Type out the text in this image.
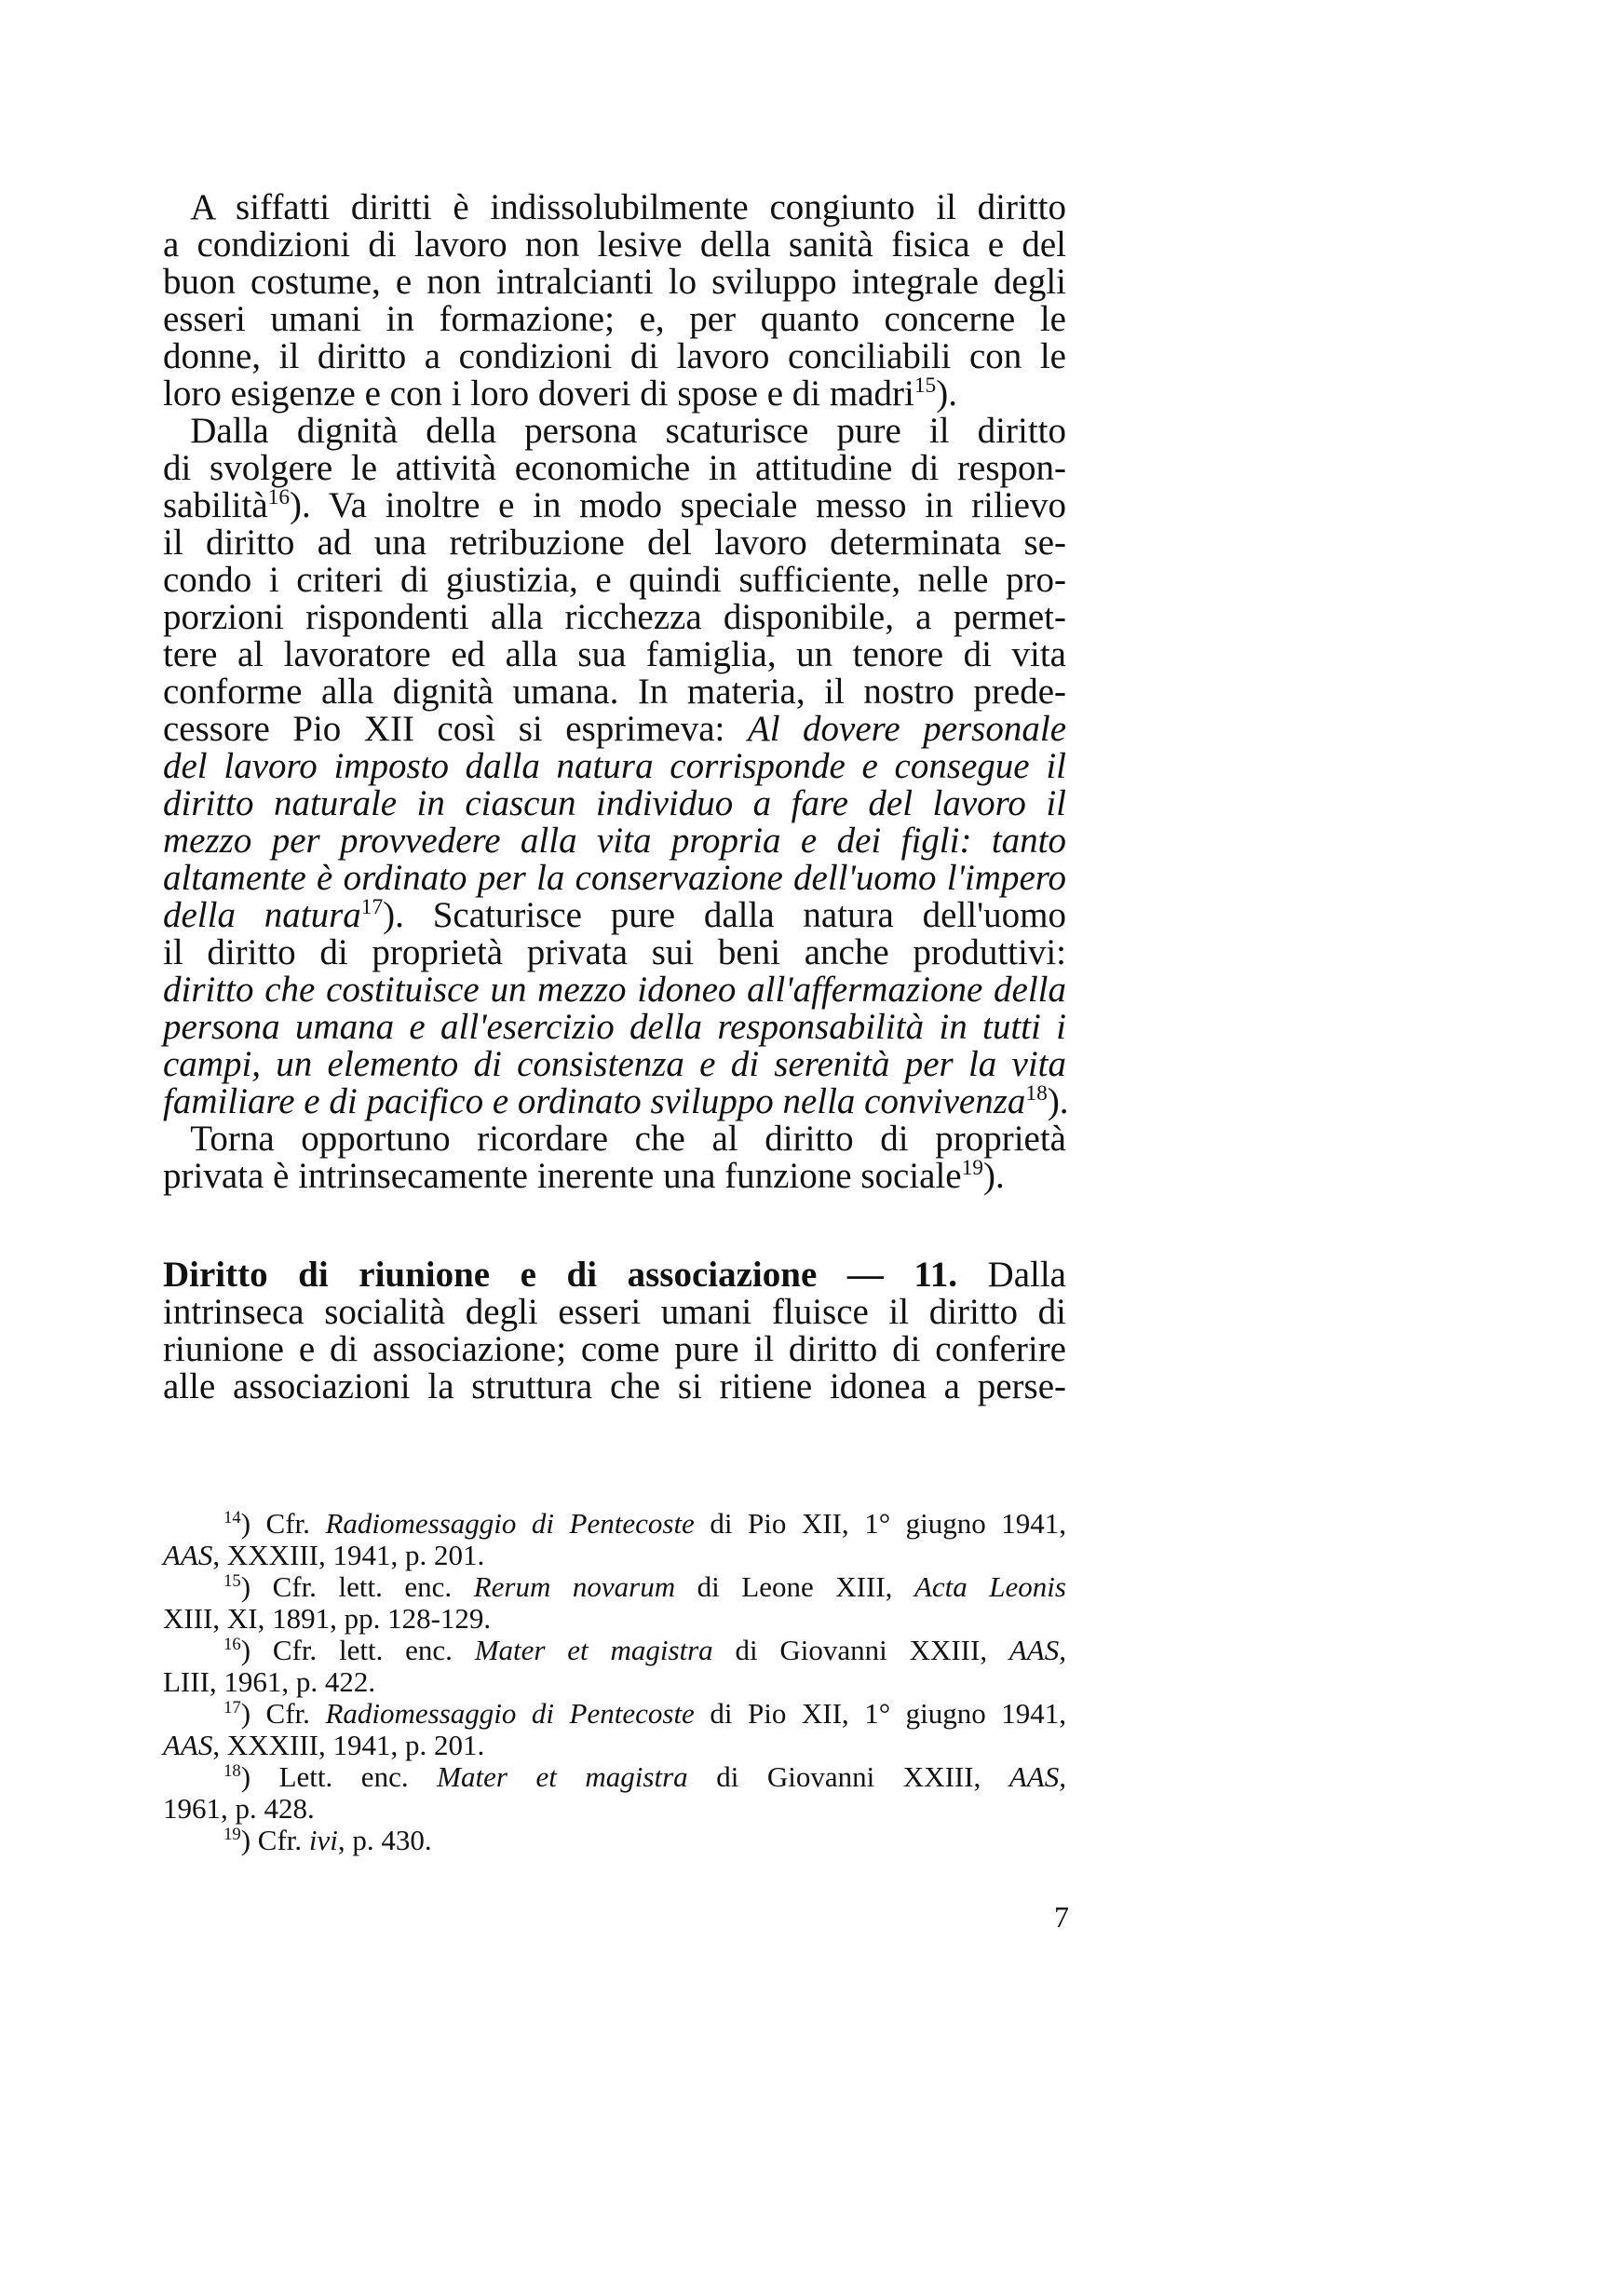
A siffatti diritti è indissolubilmente congiunto il diritto
a condizioni di lavoro non lesive della sanità fisica e del
buon costume, e non intralcianti lo sviluppo integrale degli
esseri umani in formazione; e, per quanto concerne le
donne, il diritto a condizioni di lavoro conciliabili con le
loro esigenze e con i loro doveri di spose e di madri$^{15}$).
Dalla dignità della persona scaturisce pure il diritto
di svolgere le attività economiche in attitudine di respon-
sabilità$^{16}$). Va inoltre e in modo speciale messo in rilievo
il diritto ad una retribuzione del lavoro determinata se-
condo i criteri di giustizia, e quindi sufficiente, nelle pro-
porzioni rispondenti alla ricchezza disponibile, a permet-
tere al lavoratore ed alla sua famiglia, un tenore di vita
conforme alla dignità umana. In materia, il nostro prede-
cessore Pio XII così si esprimeva: Al dovere personale
del lavoro imposto dalla natura corrisponde e consegue il
diritto naturale in ciascun individuo a fare del lavoro il
mezzo per provvedere alla vita propria e dei figli: tanto
altamente è ordinato per la conservazione dell'uomo l'impero
della natura$^{17}$). Scaturisce pure dalla natura dell'uomo
il diritto di proprietà privata sui beni anche produttivi:
diritto che costituisce un mezzo idoneo all'affermazione della
persona umana e all'esercizio della responsabilità in tutti i
campi, un elemento di consistenza e di serenità per la vita
familiare e di pacifico e ordinato sviluppo nella convivenza$^{18}$).
Torna opportuno ricordare che al diritto di proprietà
privata è intrinsecamente inerente una funzione sociale$^{19}$).
Diritto di riunione e di associazione — 11. Dalla
intrinseca socialità degli esseri umani fluisce il diritto di
riunione e di associazione; come pure il diritto di conferire
alle associazioni la struttura che si ritiene idonea a perse-
$^{14}$) Cfr. Radiomessaggio di Pentecoste di Pio XII, 1° giugno 1941,
AAS, XXXIII, 1941, p. 201.
$^{15}$) Cfr. lett. enc. Rerum novarum di Leone XIII, Acta Leonis
XIII, XI, 1891, pp. 128-129.
$^{16}$) Cfr. lett. enc. Mater et magistra di Giovanni XXIII, AAS,
LIII, 1961, p. 422.
$^{17}$) Cfr. Radiomessaggio di Pentecoste di Pio XII, 1° giugno 1941,
AAS, XXXIII, 1941, p. 201.
$^{18}$) Lett. enc. Mater et magistra di Giovanni XXIII, AAS,
1961, p. 428.
$^{19}$) Cfr. ivi, p. 430.
7
